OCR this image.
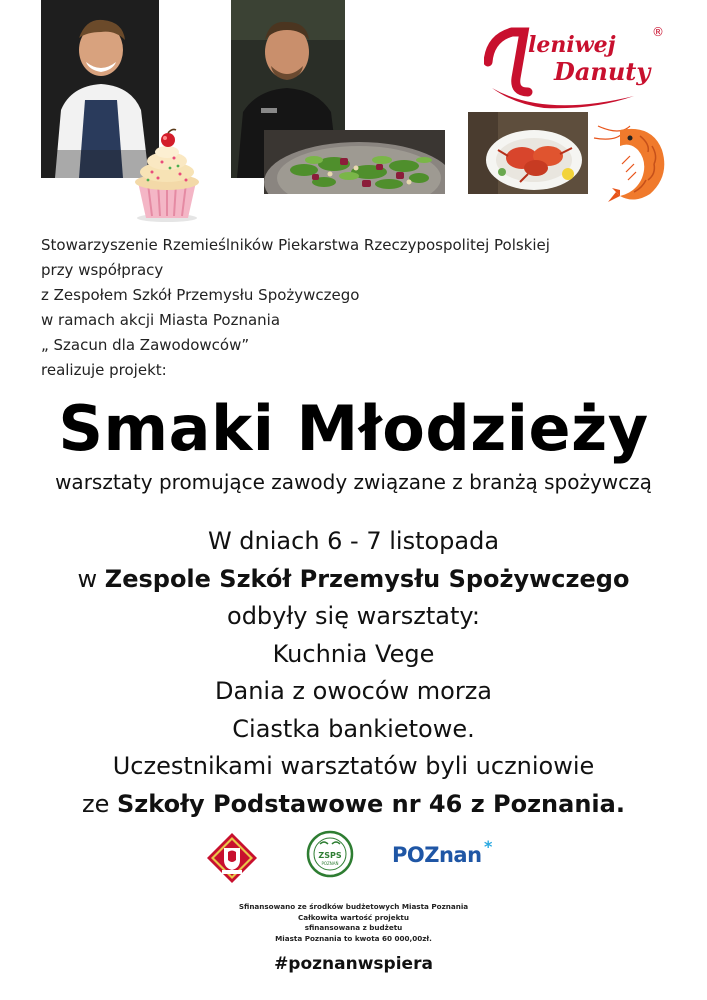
leniwej
Danuty
®
Stowarzyszenie Rzemieślników Piekarstwa Rzeczypospolitej Polskiej
przy współpracy
z Zespołem Szkół Przemysłu Spożywczego
w ramach akcji Miasta Poznania
„ Szacun dla Zawodowców”
realizuje projekt:
Smaki Młodzieży
warsztaty promujące zawody związane z branżą spożywczą
W dniach 6 - 7 listopada
w Zespole Szkół Przemysłu Spożywczego
odbyły się warsztaty:
Kuchnia Vege
Dania z owoców morza
Ciastka bankietowe.
Uczestnikami warsztatów byli uczniowie
ze Szkoły Podstawowe nr 46 z Poznania.
ZSPS
POZNAŃ	POZnan *
Sfinansowano ze środków budżetowych Miasta Poznania
Całkowita wartość projektu
sfinansowana z budżetu
Miasta Poznania to kwota 60 000,00zł.
#poznanwspiera
